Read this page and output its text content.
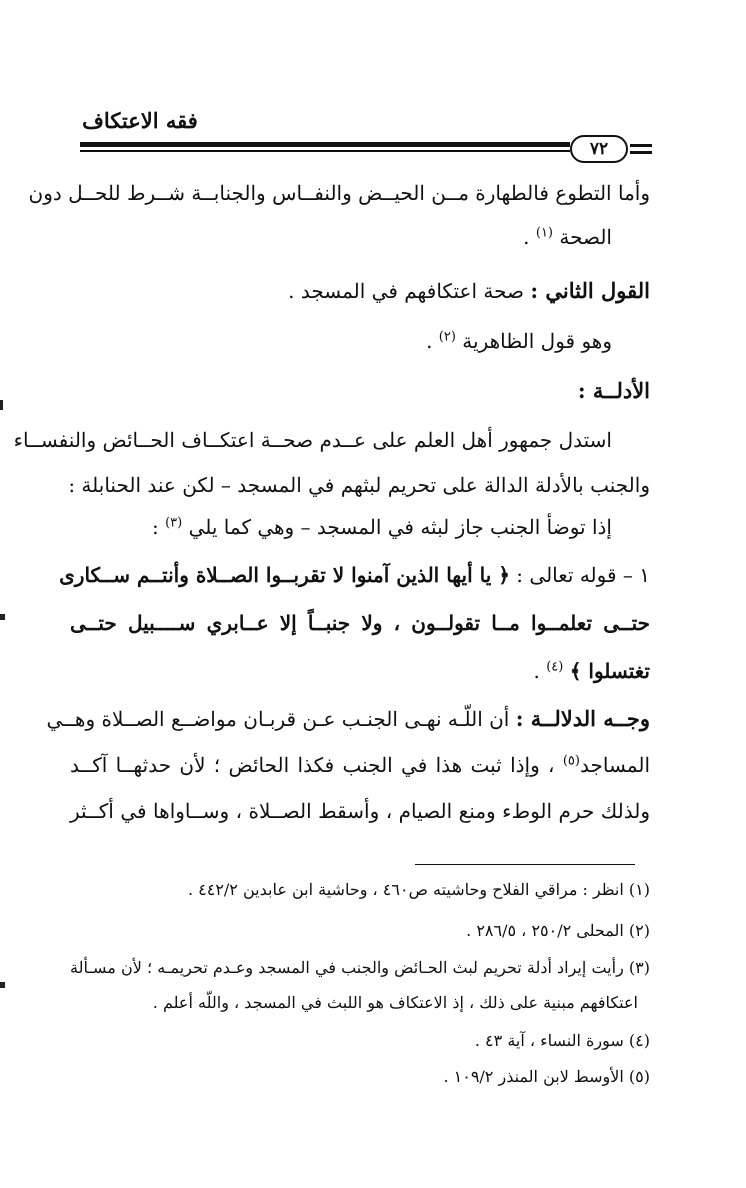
فقه الاعتكاف
٧٢
وأما التطوع فالطهارة مــن الحيــض والنفــاس والجنابــة شــرط للحــل دون
الصحة $^{(١)}$ .
القول الثاني : صحة اعتكافهم في المسجد .
وهو قول الظاهرية $^{(٢)}$ .
الأدلــة :
استدل جمهور أهل العلم على عــدم صحــة اعتكــاف الحــائض والنفســاء
والجنب بالأدلة الدالة على تحريم لبثهم في المسجد – لكن عند الحنابلة :
إذا توضأ الجنب جاز لبثه في المسجد – وهي كما يلي $^{(٣)}$ :
١ – قوله تعالى : ﴿ يا أيها الذين آمنوا لا تقربــوا الصــلاة وأنتــم ســكارى
حتــى تعلمــوا مــا تقولــون ، ولا جنبــاً إلا عــابري ســــبيل حتــى
تغتسلوا ﴾ $^{(٤)}$ .
وجــه الدلالــة : أن اللّـه نهـى الجنـب عـن قربـان مواضــع الصــلاة وهــي
المساجد$^{(٥)}$ ، وإذا ثبت هذا في الجنب فكذا الحائض ؛ لأن حدثهــا آكــد
ولذلك حرم الوطء ومنع الصيام ، وأسقط الصــلاة ، وســاواها في أكــثر
(١) انظر : مراقي الفلاح وحاشيته ص٤٦٠ ، وحاشية ابن عابدين ٤٤٢/٢ .
(٢) المحلى ٢٥٠/٢ ، ٢٨٦/٥ .
(٣) رأيت إيراد أدلة تحريم لبث الحـائض والجنب في المسجد وعـدم تحريمـه ؛ لأن مسـألة
اعتكافهم مبنية على ذلك ، إذ الاعتكاف هو اللبث في المسجد ، واللّه أعلم .
(٤) سورة النساء ، آية ٤٣ .
(٥) الأوسط لابن المنذر ١٠٩/٢ .
